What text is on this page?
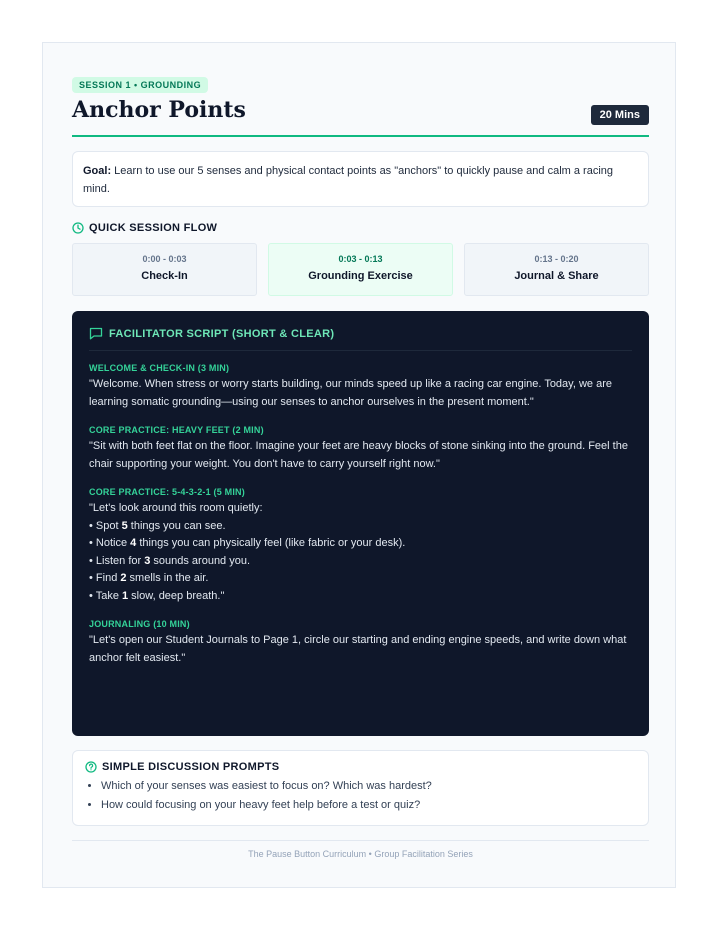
SESSION 1 • GROUNDING
Anchor Points	20 Mins
Goal: Learn to use our 5 senses and physical contact points as "anchors" to quickly pause and calm a racing mind.
QUICK SESSION FLOW
0:00 - 0:03
Check-In
0:03 - 0:13
Grounding Exercise
0:13 - 0:20
Journal & Share
FACILITATOR SCRIPT (SHORT & CLEAR)
WELCOME & CHECK-IN (3 MIN)
"Welcome. When stress or worry starts building, our minds speed up like a racing car engine. Today, we are learning somatic grounding—using our senses to anchor ourselves in the present moment."
CORE PRACTICE: HEAVY FEET (2 MIN)
"Sit with both feet flat on the floor. Imagine your feet are heavy blocks of stone sinking into the ground. Feel the chair supporting your weight. You don't have to carry yourself right now."
CORE PRACTICE: 5-4-3-2-1 (5 MIN)
"Let's look around this room quietly:
• Spot 5 things you can see.
• Notice 4 things you can physically feel (like fabric or your desk).
• Listen for 3 sounds around you.
• Find 2 smells in the air.
• Take 1 slow, deep breath."
JOURNALING (10 MIN)
"Let's open our Student Journals to Page 1, circle our starting and ending engine speeds, and write down what anchor felt easiest."
SIMPLE DISCUSSION PROMPTS
• Which of your senses was easiest to focus on? Which was hardest?
• How could focusing on your heavy feet help before a test or quiz?
The Pause Button Curriculum • Group Facilitation Series
